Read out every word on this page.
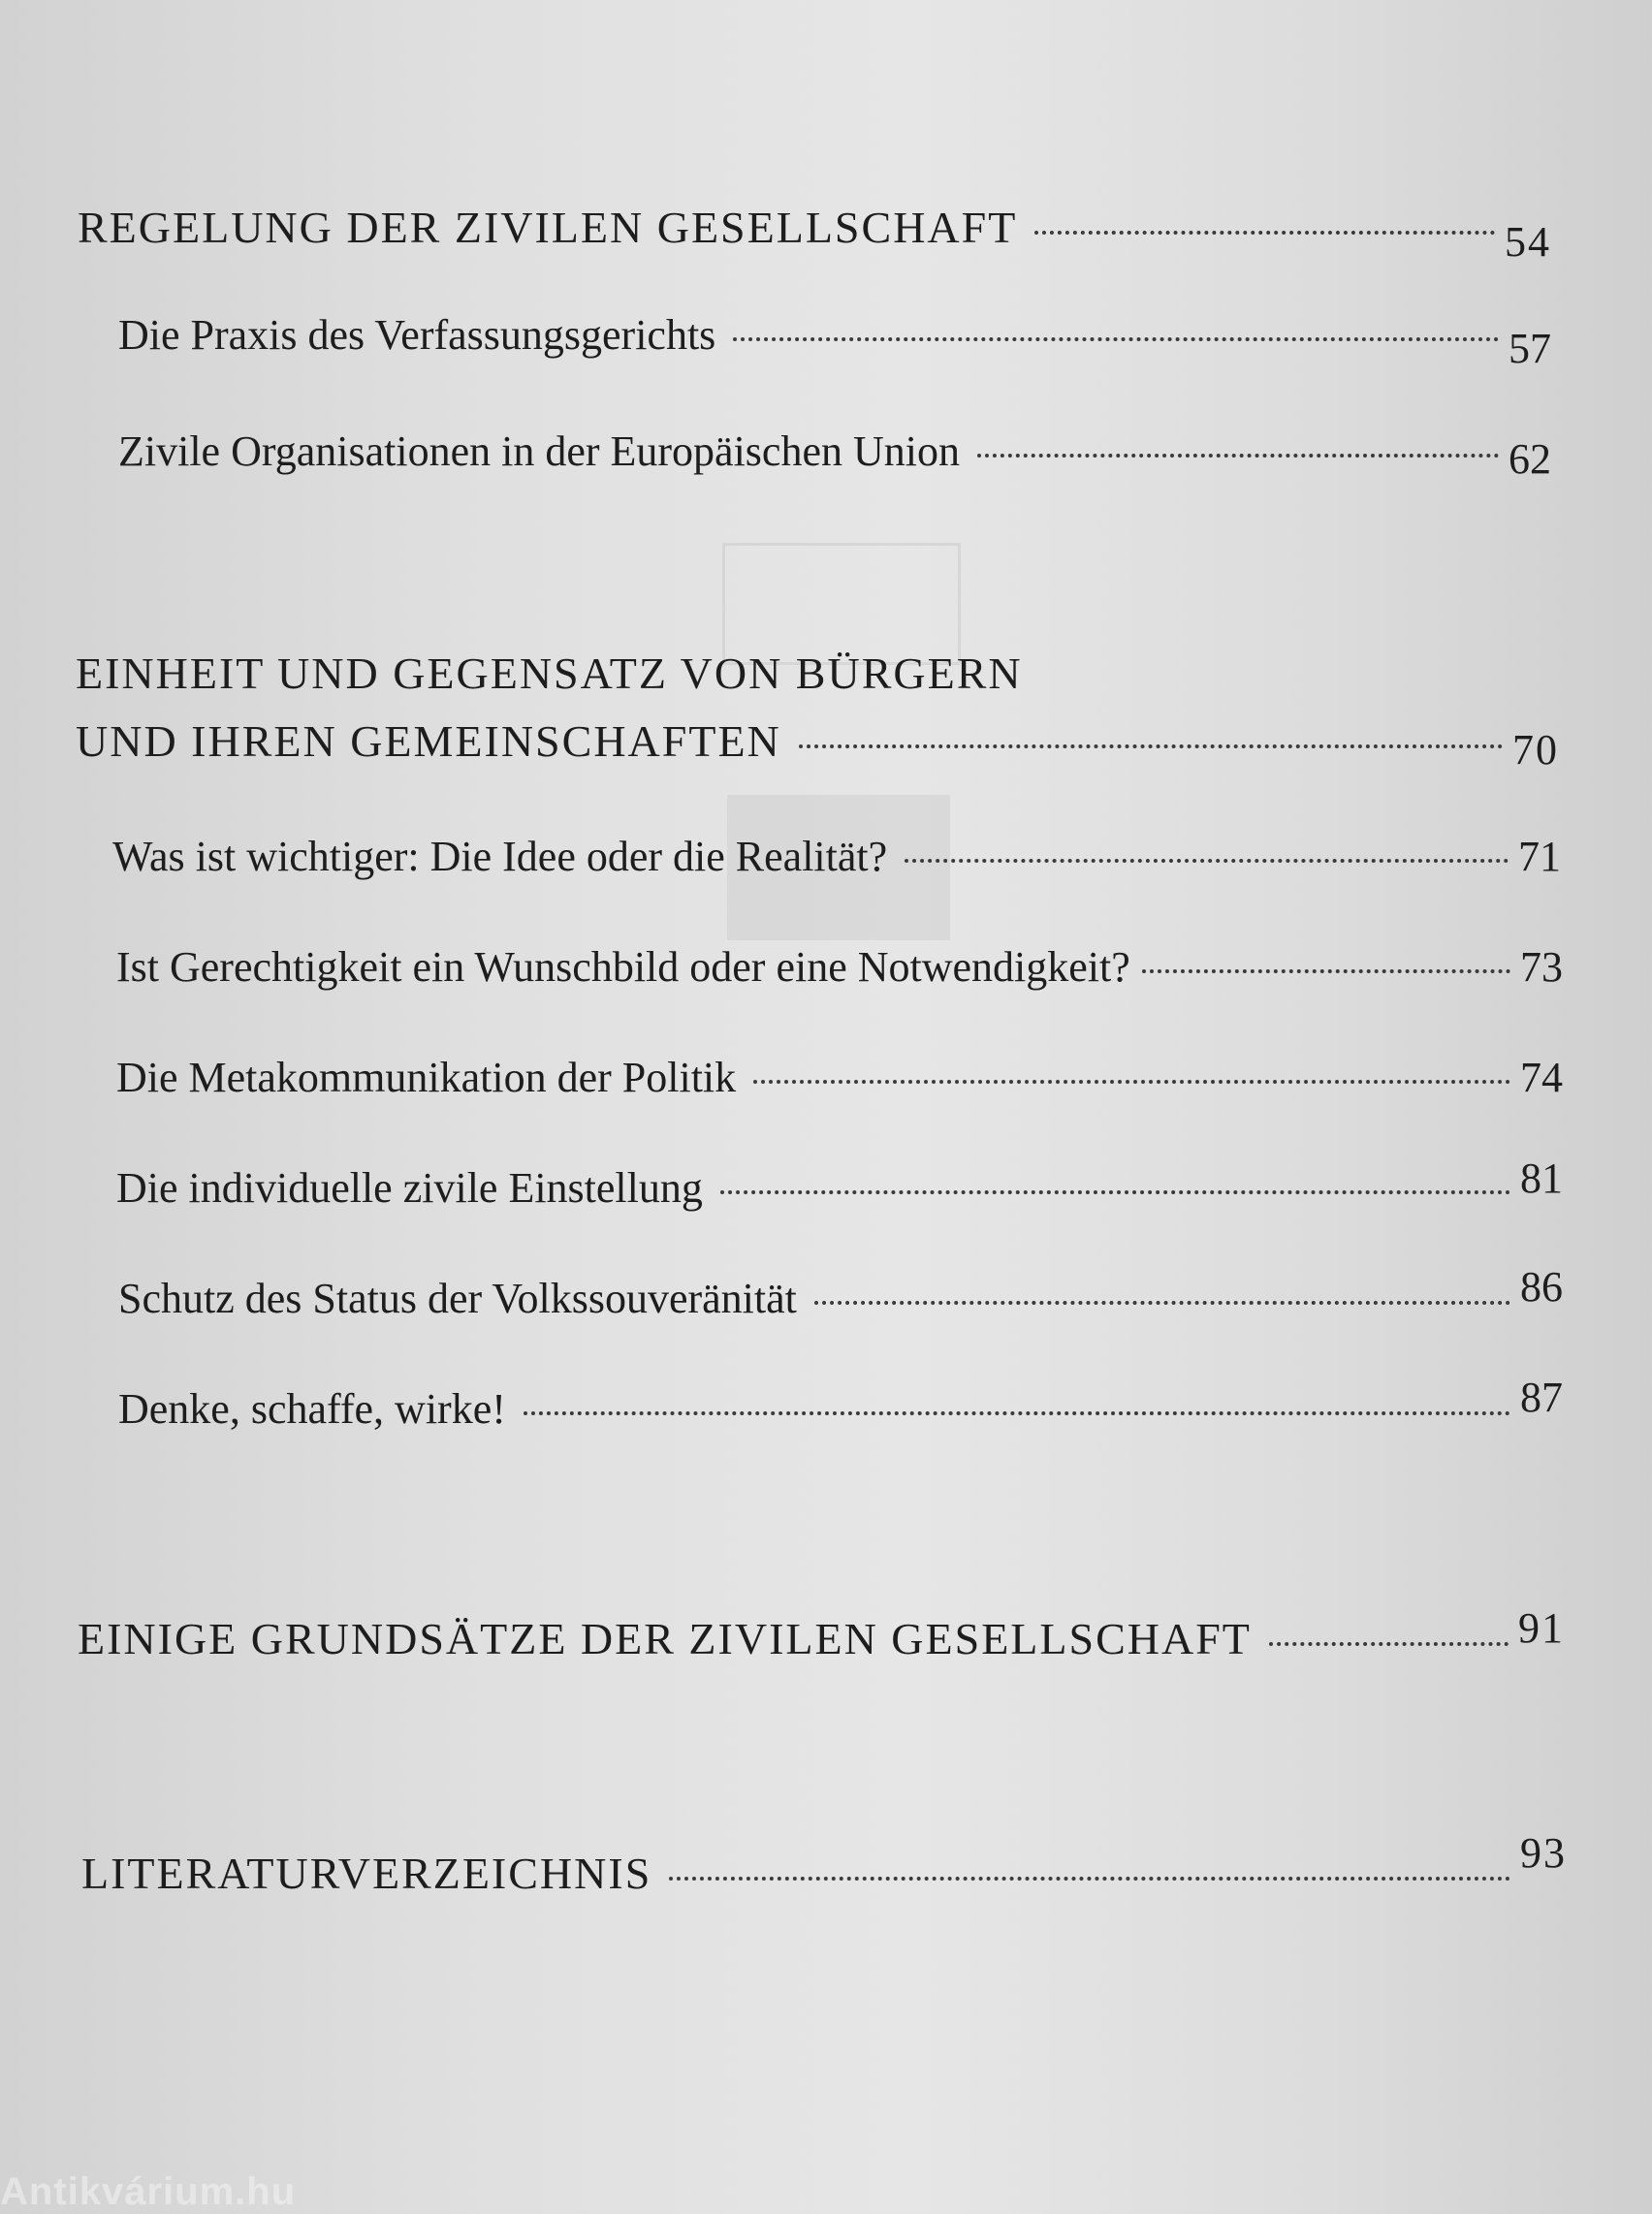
REGELUNG DER ZIVILEN GESELLSCHAFT	54
Die Praxis des Verfassungsgerichts	57
Zivile Organisationen in der Europäischen Union	62
EINHEIT UND GEGENSATZ VON BÜRGERN
UND IHREN GEMEINSCHAFTEN	70
Was ist wichtiger: Die Idee oder die Realität?	71
Ist Gerechtigkeit ein Wunschbild oder eine Notwendigkeit?	73
Die Metakommunikation der Politik	74
Die individuelle zivile Einstellung	81
Schutz des Status der Volkssouveränität	86
Denke, schaffe, wirke!	87
EINIGE GRUNDSÄTZE DER ZIVILEN GESELLSCHAFT	91
LITERATURVERZEICHNIS	93
Antikvárium.hu
